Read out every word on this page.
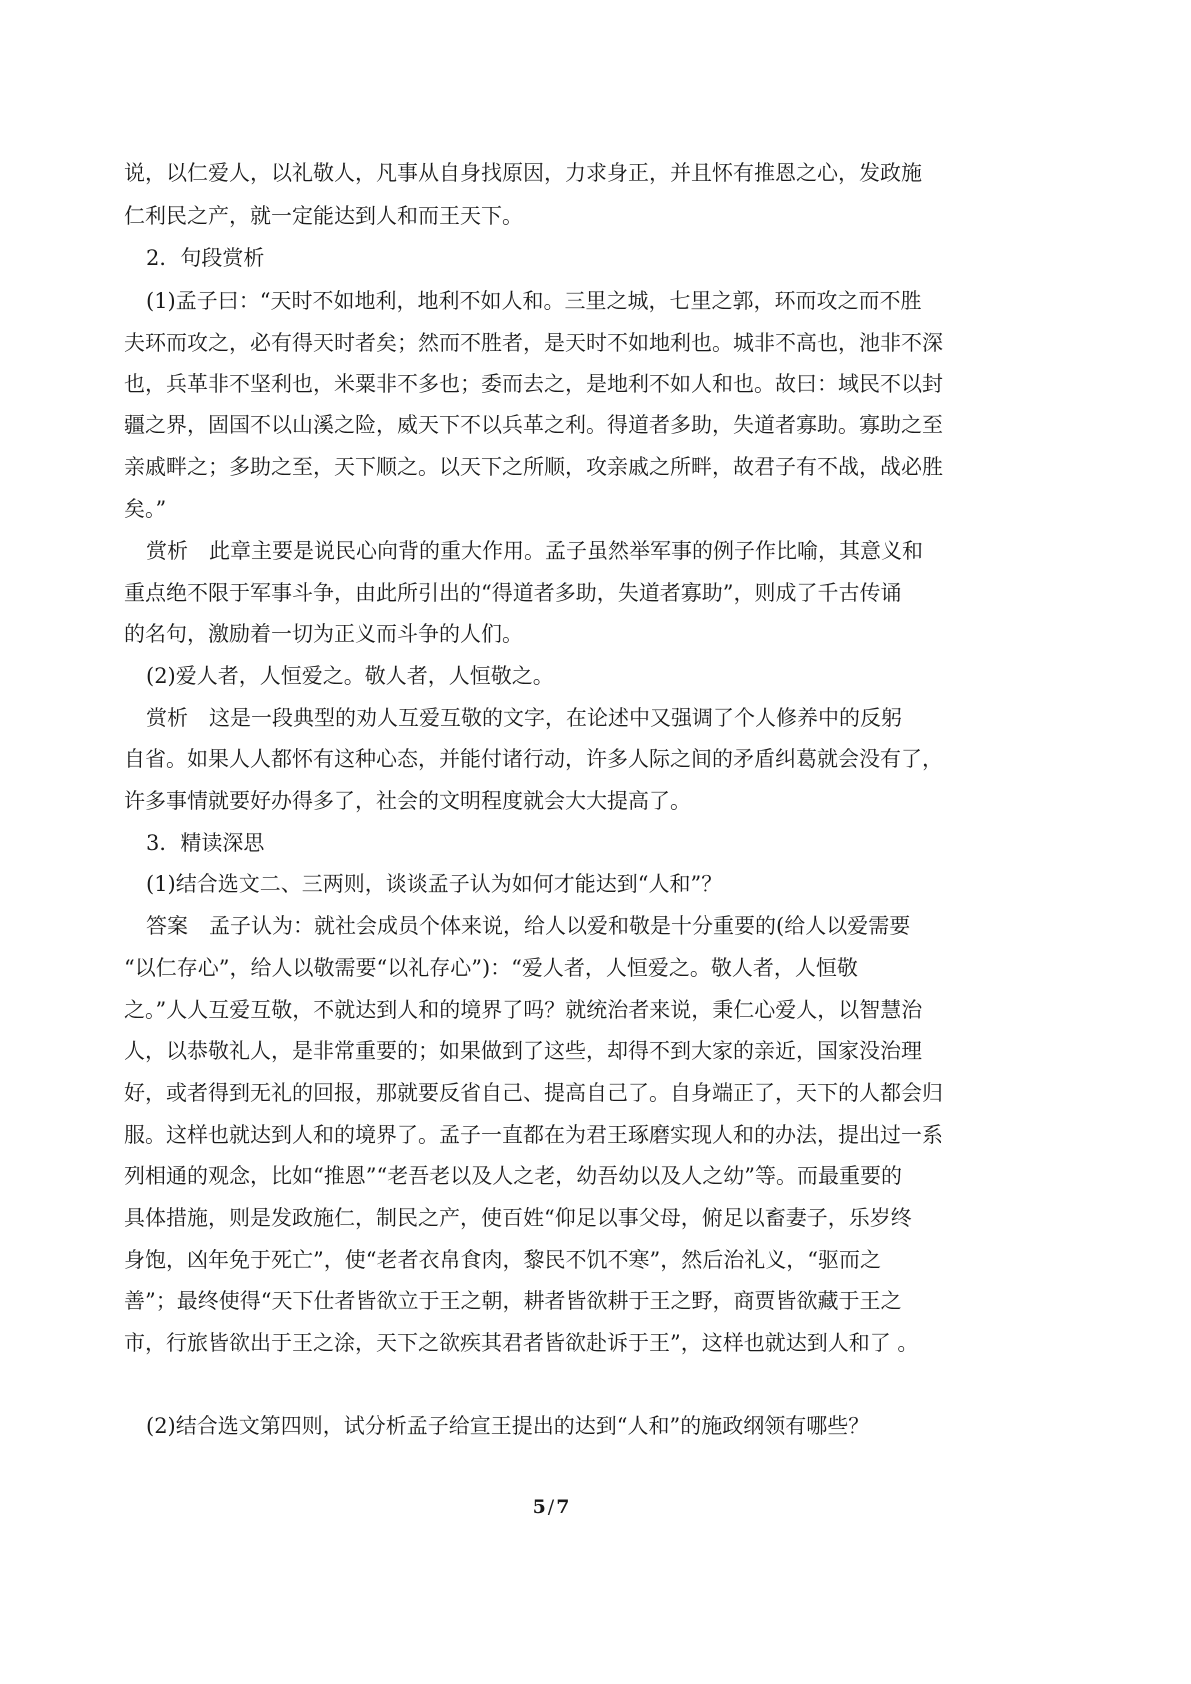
说，以仁爱人，以礼敬人，凡事从自身找原因，力求身正，并且怀有推恩之心，发政施
仁利民之产，就一定能达到人和而王天下。
2．句段赏析
(1)孟子曰：“天时不如地利，地利不如人和。三里之城，七里之郭，环而攻之而不胜
夫环而攻之，必有得天时者矣；然而不胜者，是天时不如地利也。城非不高也，池非不深
也，兵革非不坚利也，米粟非不多也；委而去之，是地利不如人和也。故曰：域民不以封
疆之界，固国不以山溪之险，威天下不以兵革之利。得道者多助，失道者寡助。寡助之至
亲戚畔之；多助之至，天下顺之。以天下之所顺，攻亲戚之所畔，故君子有不战，战必胜
矣。”
赏析　此章主要是说民心向背的重大作用。孟子虽然举军事的例子作比喻，其意义和
重点绝不限于军事斗争，由此所引出的“得道者多助，失道者寡助”，则成了千古传诵
的名句，激励着一切为正义而斗争的人们。
(2)爱人者，人恒爱之。敬人者，人恒敬之。
赏析　这是一段典型的劝人互爱互敬的文字，在论述中又强调了个人修养中的反躬
自省。如果人人都怀有这种心态，并能付诸行动，许多人际之间的矛盾纠葛就会没有了，
许多事情就要好办得多了，社会的文明程度就会大大提高了。
3．精读深思
(1)结合选文二、三两则，谈谈孟子认为如何才能达到“人和”？
答案　孟子认为：就社会成员个体来说，给人以爱和敬是十分重要的(给人以爱需要
“以仁存心”，给人以敬需要“以礼存心”)：“爱人者，人恒爱之。敬人者，人恒敬
之。”人人互爱互敬，不就达到人和的境界了吗？就统治者来说，秉仁心爱人，以智慧治
人，以恭敬礼人，是非常重要的；如果做到了这些，却得不到大家的亲近，国家没治理
好，或者得到无礼的回报，那就要反省自己、提高自己了。自身端正了，天下的人都会归
服。这样也就达到人和的境界了。孟子一直都在为君王琢磨实现人和的办法，提出过一系
列相通的观念，比如“推恩”“老吾老以及人之老，幼吾幼以及人之幼”等。而最重要的
具体措施，则是发政施仁，制民之产，使百姓“仰足以事父母，俯足以畜妻子，乐岁终
身饱，凶年免于死亡”，使“老者衣帛食肉，黎民不饥不寒”，然后治礼义，“驱而之
善”；最终使得“天下仕者皆欲立于王之朝，耕者皆欲耕于王之野，商贾皆欲藏于王之
市，行旅皆欲出于王之涂，天下之欲疾其君者皆欲赴诉于王”，这样也就达到人和了 。
(2)结合选文第四则，试分析孟子给宣王提出的达到“人和”的施政纲领有哪些？
5 / 7
